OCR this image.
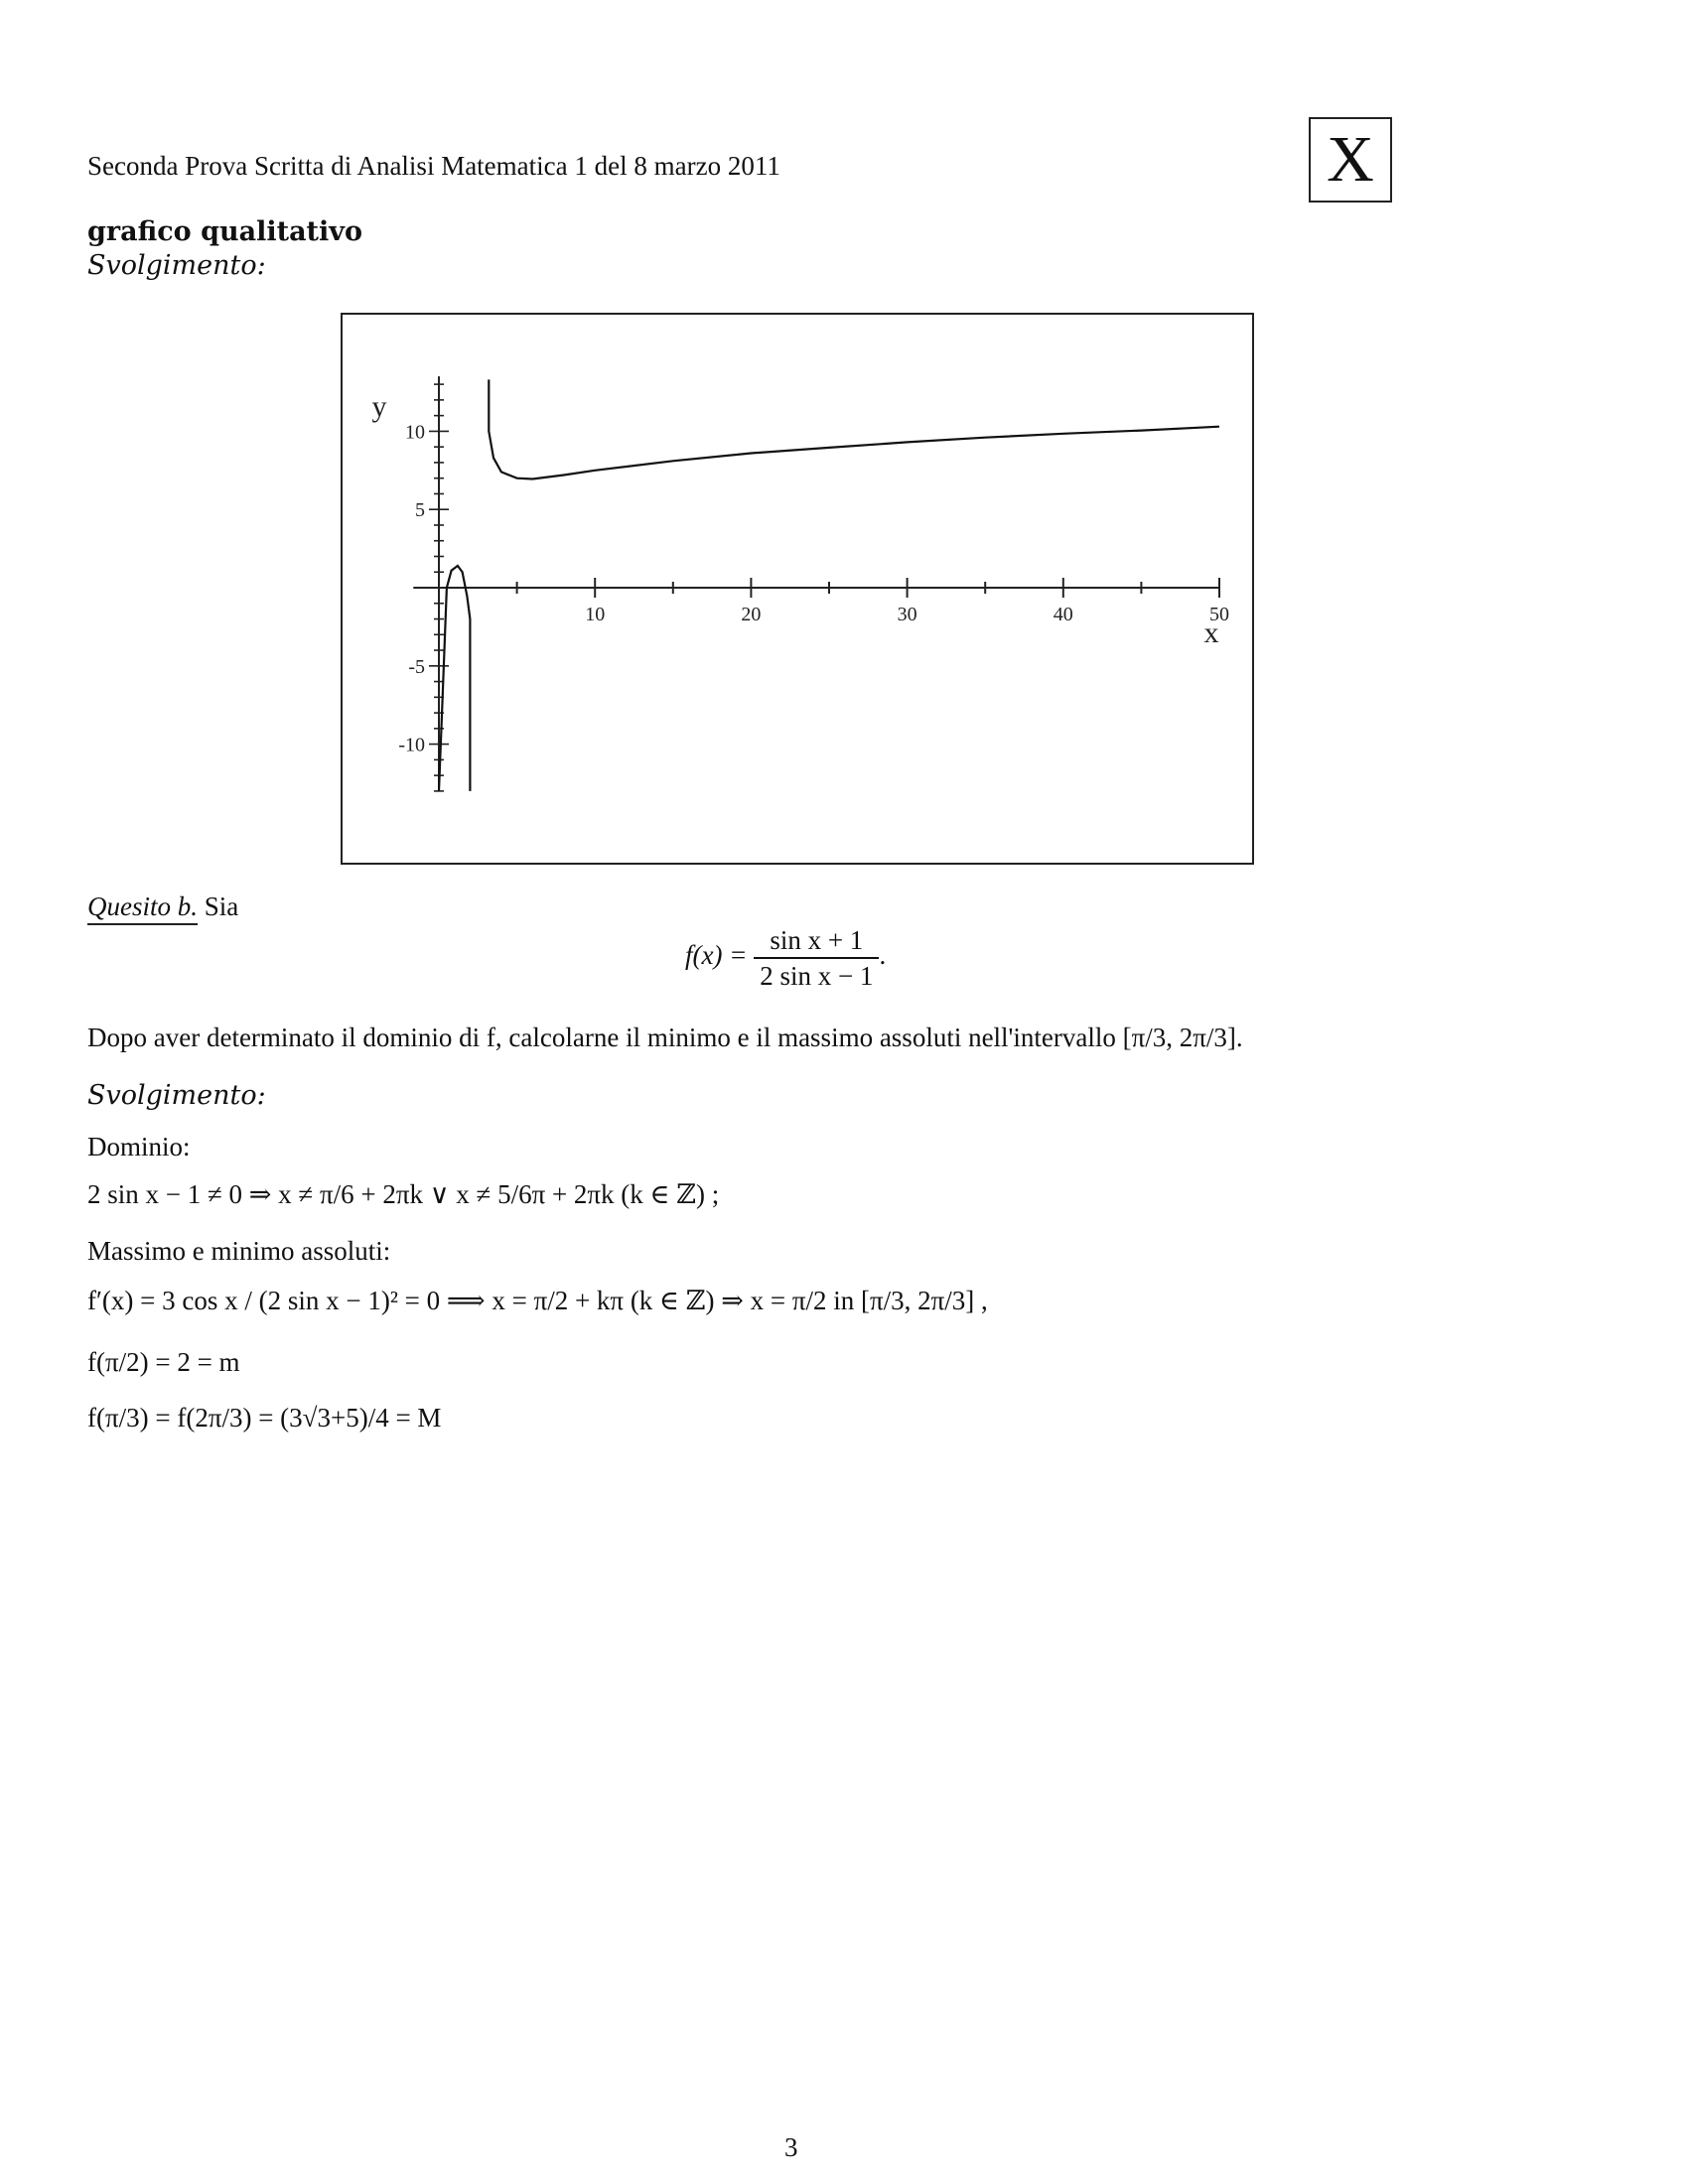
Seconda Prova Scritta di Analisi Matematica 1 del 8 marzo 2011	X
grafico qualitativo
Svolgimento:
10	20	30	40	50
10
5
-5
-10
x
y
Quesito b. Sia
$f(x) = \frac{\text{sin x + 1}}{\text{2 sin x − 1}}$ .
Dopo aver determinato il dominio di f, calcolarne il minimo e il massimo assoluti nell'intervallo [π/3, 2π/3].
Svolgimento:
Dominio:
2 sin x − 1 ≠ 0 ⇒ x ≠ π/6 + 2πk ∨ x ≠ 5/6π + 2πk (k ∈ ℤ) ;
Massimo e minimo assoluti:
f′(x) = 3 cos x / (2 sin x − 1)² = 0 ⟹ x = π/2 + kπ (k ∈ ℤ) ⇒ x = π/2 in [π/3, 2π/3] ,
f(π/2) = 2 = m
f(π/3) = f(2π/3) = (3√3+5)/4 = M
3
